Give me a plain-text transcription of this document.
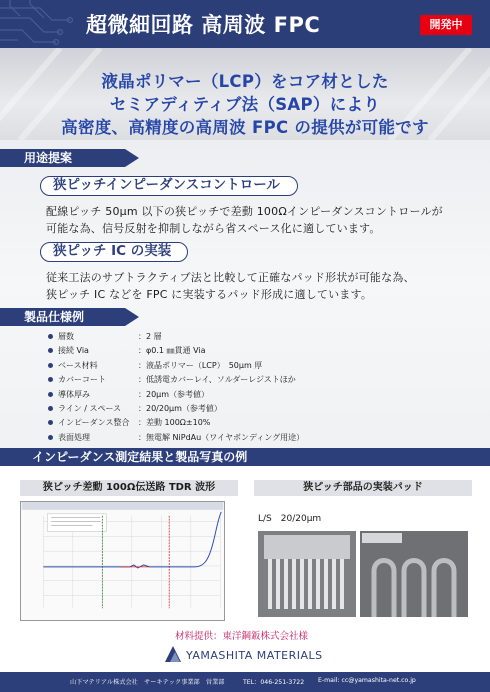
超微細回路 高周波 FPC	開発中
液晶ポリマー（LCP）をコア材とした
セミアディティブ法（SAP）により
高密度、高精度の高周波 FPC の提供が可能です
用途提案
狭ピッチインピーダンスコントロール
配線ピッチ 50μm 以下の狭ピッチで差動 100Ωインピーダンスコントロールが
可能な為、信号反射を抑制しながら省スペース化に適しています。
狭ピッチ IC の実装
従来工法のサブトラクティブ法と比較して正確なパッド形状が可能な為、
狭ピッチ IC などを FPC に実装するパッド形成に適しています。
製品仕様例
層数	： 2 層
接続 Via	： φ0.1 ㎜貫通 Via
ベース材料	： 液晶ポリマー（LCP）　50μm 厚
カバーコート	： 低誘電カバーレイ、ソルダーレジストほか
導体厚み	： 20μm（参考値）
ライン / スペース ： 20/20μm（参考値）
インピーダンス整合 ： 差動 100Ω±10%
表面処理	： 無電解 NiPdAu（ワイヤボンディング用途）
インピーダンス測定結果と製品写真の例
狭ピッチ差動 100Ω伝送路 TDR 波形	狭ピッチ部品の実装パッド
L/S　20/20μm
材料提供：東洋鋼鈑株式会社様
YAMASHITA MATERIALS
山下マテリアル株式会社　サーキテック事業部　営業部	TEL：046-251-3722 E-mail: cc@yamashita-net.co.jp
